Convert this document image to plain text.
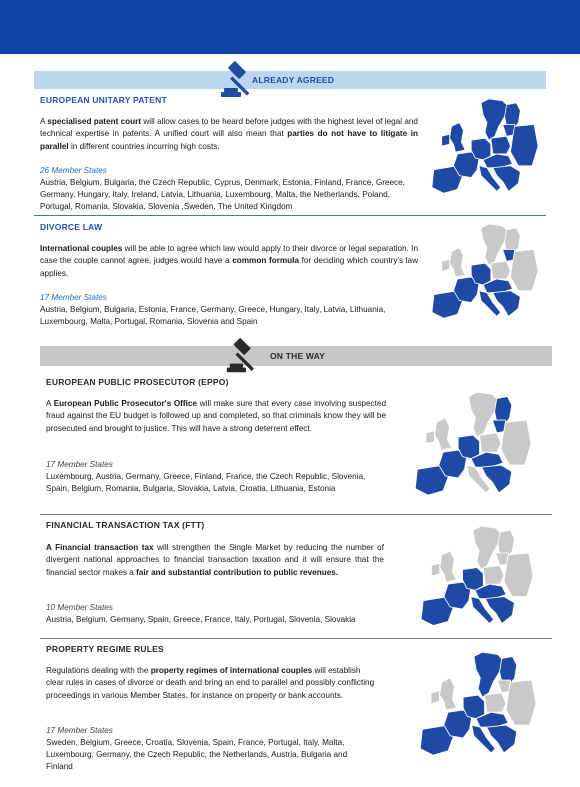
ALREADY AGREED
EUROPEAN UNITARY PATENT
A specialised patent court will allow cases to be heard before judges with the highest level of legal and technical expertise in patents. A unified court will also mean that parties do not have to litigate in parallel in different countries incurring high costs.
26 Member States
Austria, Belgium, Bulgaria, the Czech Republic, Cyprus, Denmark, Estonia, Finland, France, Greece, Germany, Hungary, Italy, Ireland, Latvia, Lithuania, Luxembourg, Malta, the Netherlands, Poland, Portugal, Romania, Slovakia, Slovenia ,Sweden, The United Kingdom
DIVORCE LAW
International couples will be able to agree which law would apply to their divorce or legal separation. In case the couple cannot agree, judges would have a common formula for deciding which country's law applies.
17 Member States
Austria, Belgium, Bulgaria, Estonia, France, Germany, Greece, Hungary, Italy, Latvia, Lithuania, Luxembourg, Malta, Portugal, Romania, Slovenia and Spain
ON THE WAY
EUROPEAN PUBLIC PROSECUTOR (EPPO)
A European Public Prosecutor's Office will make sure that every case involving suspected fraud against the EU budget is followed up and completed, so that criminals know they will be prosecuted and brought to justice. This will have a strong deterrent effect.
17 Member States
Luxembourg, Austria, Germany, Greece, Finland, France, the Czech Republic, Slovenia, Spain, Belgium, Romania, Bulgaria, Slovakia, Latvia, Croatia, Lithuania, Estonia
FINANCIAL TRANSACTION TAX (FTT)
A Financial transaction tax will strengthen the Single Market by reducing the number of divergent national approaches to financial transaction taxation and it will ensure that the financial sector makes a fair and substantial contribution to public revenues.
10 Member States
Austria, Belgium, Germany, Spain, Greece, France, Italy, Portugal, Slovenia, Slovakia
PROPERTY REGIME RULES
Regulations dealing with the property regimes of international couples will establish clear rules in cases of divorce or death and bring an end to parallel and possibly conflicting proceedings in various Member States, for instance on property or bank accounts.
17 Member States
Sweden, Belgium, Greece, Croatia, Slovenia, Spain, France, Portugal, Italy, Malta, Luxembourg, Germany, the Czech Republic, the Netherlands, Austria, Bulgaria and Finland
